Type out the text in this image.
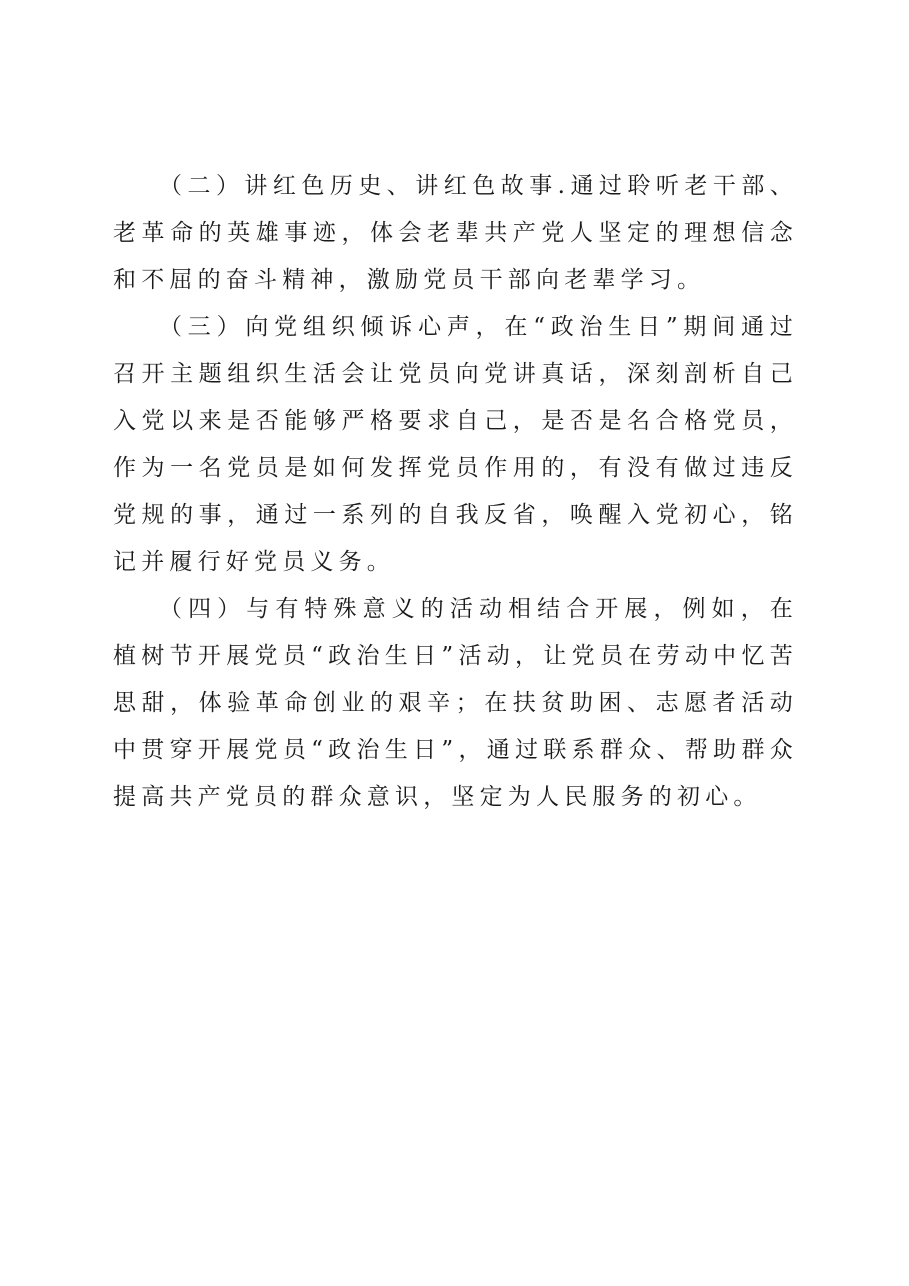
（二）讲红色历史、讲红色故事.通过聆听老干部、老革命的英雄事迹，体会老辈共产党人坚定的理想信念和不屈的奋斗精神，激励党员干部向老辈学习。

（三）向党组织倾诉心声，在“政治生日”期间通过召开主题组织生活会让党员向党讲真话，深刻剖析自己入党以来是否能够严格要求自己，是否是名合格党员，作为一名党员是如何发挥党员作用的，有没有做过违反党规的事，通过一系列的自我反省，唤醒入党初心，铭记并履行好党员义务。

（四）与有特殊意义的活动相结合开展，例如，在植树节开展党员“政治生日”活动，让党员在劳动中忆苦思甜，体验革命创业的艰辛；在扶贫助困、志愿者活动中贯穿开展党员“政治生日”，通过联系群众、帮助群众提高共产党员的群众意识，坚定为人民服务的初心。
